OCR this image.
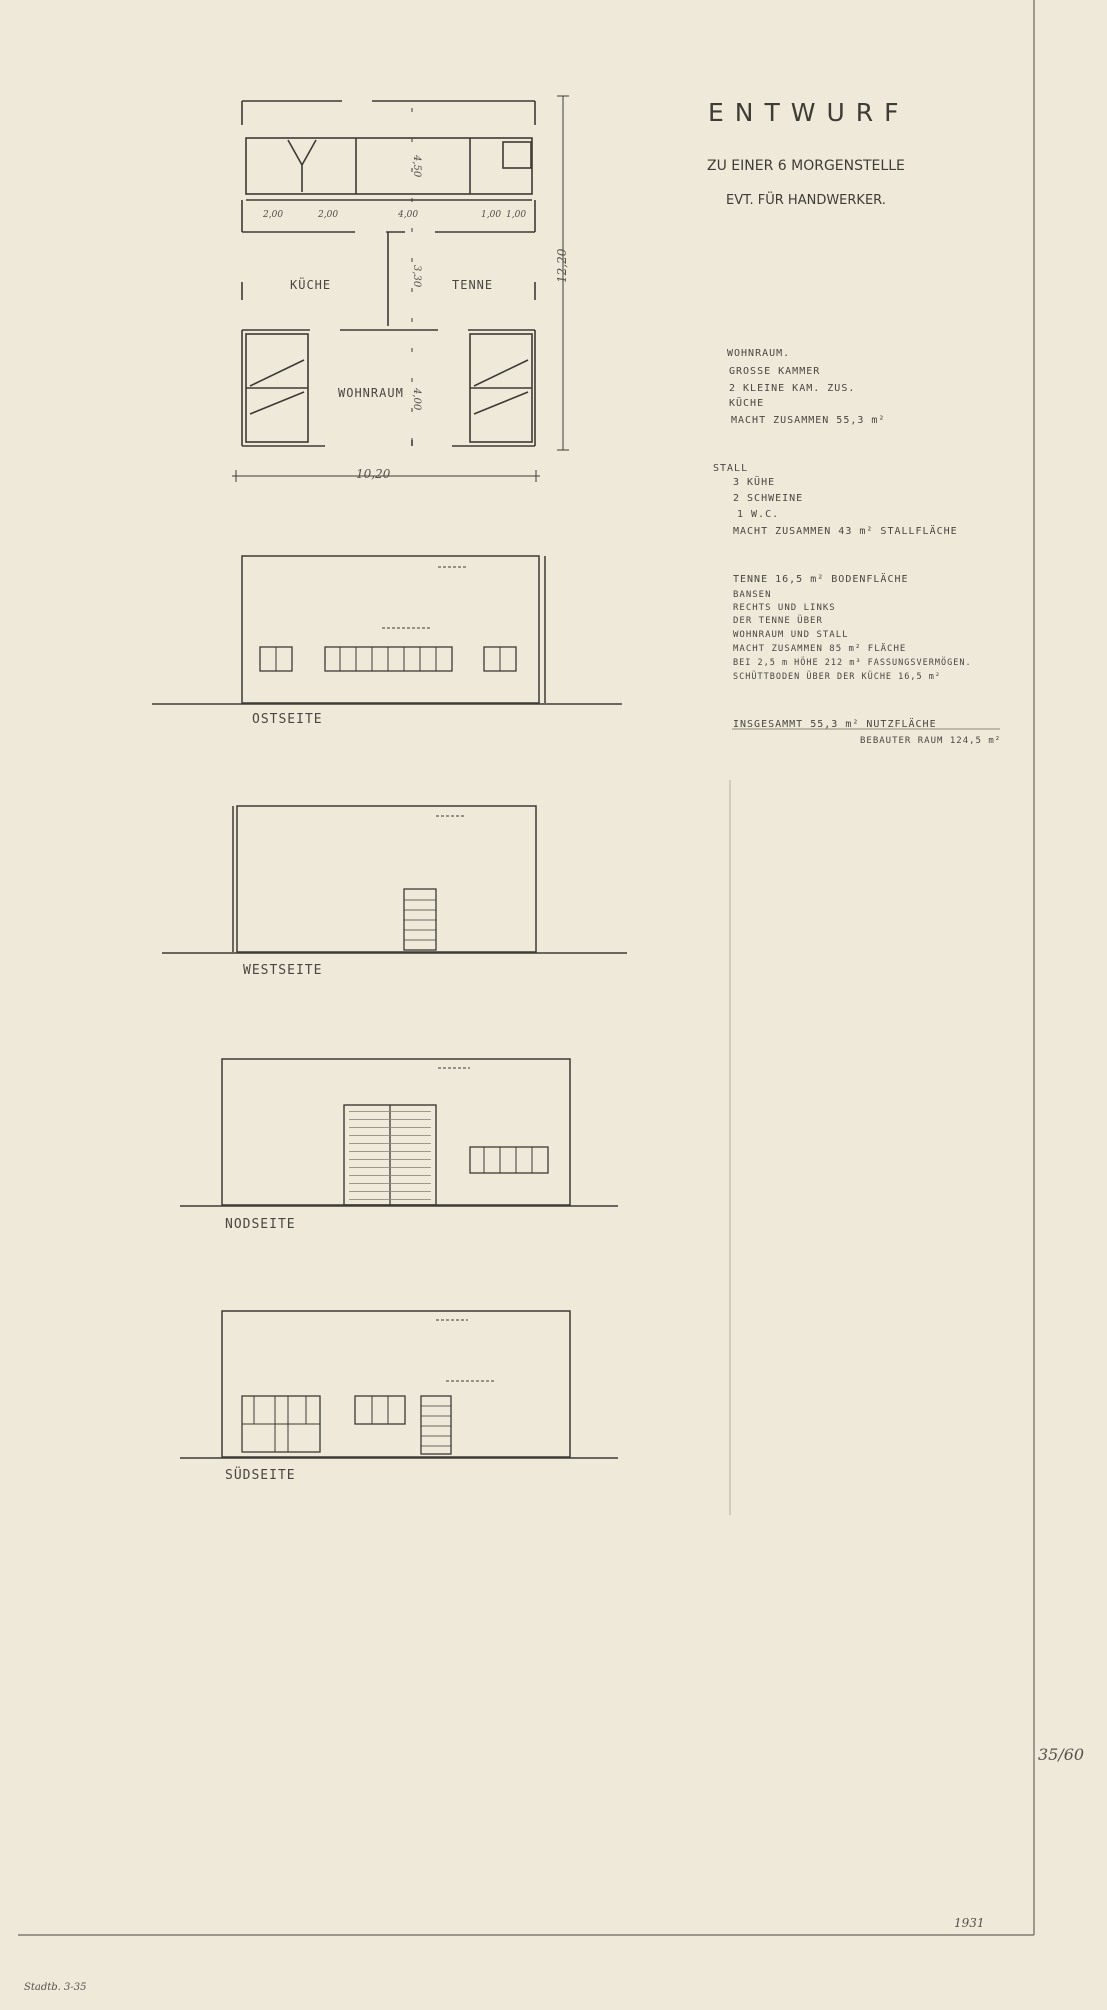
KÜCHE	TENNE
WOHNRAUM
10,20
12,20
2,00	2,00	4,00	1,00 1,00
4,50
3,30
4,00
ENTWURF
ZU EINER 6 MORGENSTELLE
EVT. FÜR HANDWERKER.
WOHNRAUM.
GROSSE KAMMER
2 KLEINE KAM. ZUS.
KÜCHE
MACHT ZUSAMMEN 55,3 m²
STALL
3 KÜHE
2 SCHWEINE
1 W.C.
MACHT ZUSAMMEN 43 m² STALLFLÄCHE
TENNE 16,5 m² BODENFLÄCHE
BANSEN
RECHTS UND LINKS
DER TENNE ÜBER
WOHNRAUM UND STALL
MACHT ZUSAMMEN 85 m² FLÄCHE
BEI 2,5 m HÖHE 212 m³ FASSUNGSVERMÖGEN.
SCHÜTTBODEN ÜBER DER KÜCHE 16,5 m²
INSGESAMMT 55,3 m² NUTZFLÄCHE
BEBAUTER RAUM 124,5 m²
OSTSEITE
WESTSEITE
NODSEITE
SÜDSEITE
35/60
1931
Stadtb. 3-35
